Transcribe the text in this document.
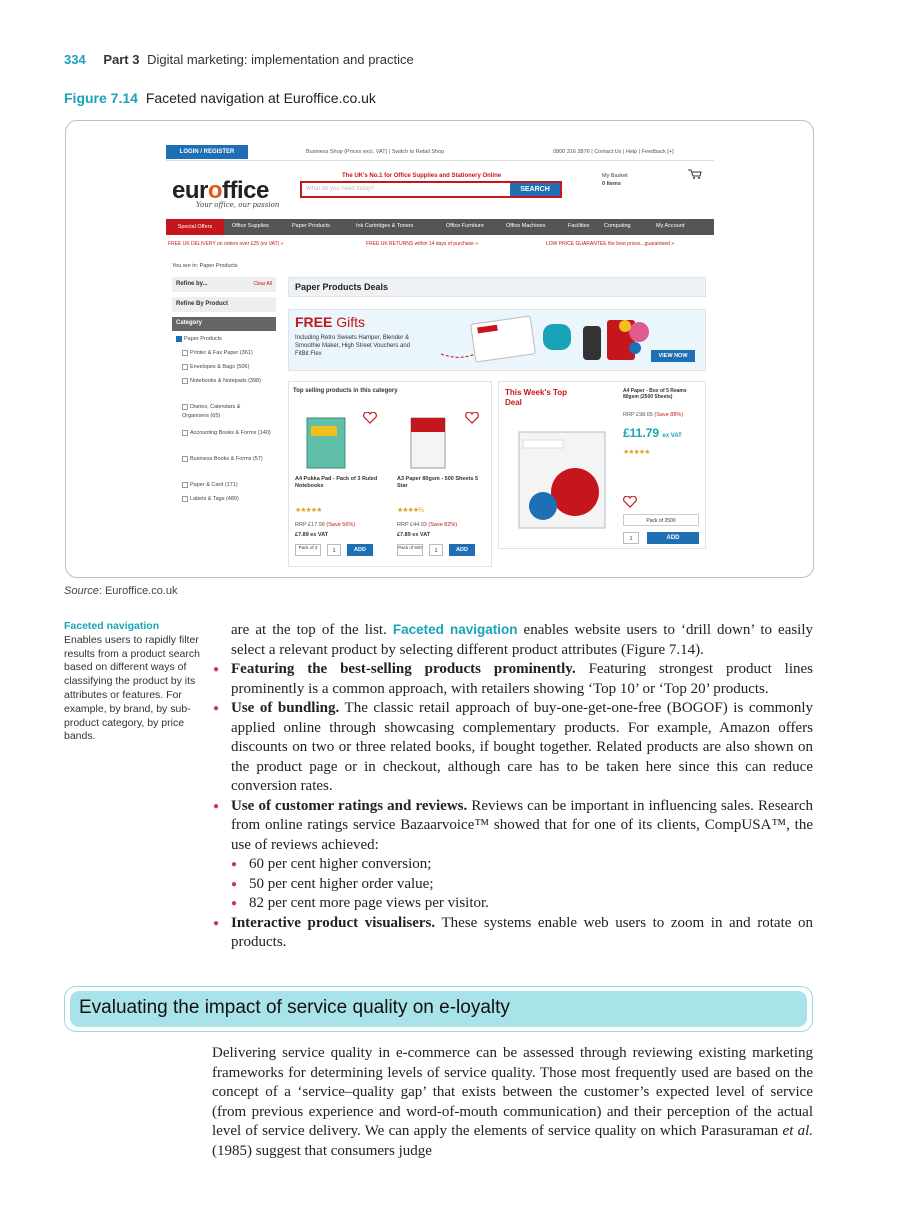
334 Part 3 Digital marketing: implementation and practice
Figure 7.14 Faceted navigation at Euroffice.co.uk
LOGIN / REGISTER	Business Shop (Prices excl. VAT) | Switch to Retail Shop	0800 316 3876 | Contact Us | Help | Feedback [+]
euroffice
Your office, our passion
The UK's No.1 for Office Supplies and Stationery Online
What do you need today?	SEARCH
My Basket
0 Items
Special Offers	Office Supplies	Paper Products	Ink Cartridges & Toners	Office Furniture	Office Machines	Facilities	Computing	My Account
FREE UK DELIVERY on orders over £25 (ex VAT) »	FREE UK RETURNS within 14 days of purchase »	LOW PRICE GUARANTEE the best prices...guaranteed »
You are in: Paper Products
Refine by...	Clear All
Refine By Product
Category
Paper Products
Printer & Fax Paper (361)
Envelopes & Bags (506)
Notebooks & Notepads (398)
Diaries, Calendars & Organisers (65)
Accounting Books & Forms (140)
Business Books & Forms (57)
Paper & Card (171)
Labels & Tags (489)
Paper Products Deals
FREE Gifts
Including Retro Sweets Hamper, Blender & Smoothie Maker, High Street Vouchers and FitBit Flex	VIEW NOW
Top selling products in this category
A4 Pukka Pad - Pack of 3 Ruled Notebooks
★★★★★
RRP £17.99 (Save 56%)
£7.89 ex VAT
Pack of 3
1	ADD
A3 Paper 80gsm - 500 Sheets 5 Star
★★★★½
RRP £44.03 (Save 82%)
£7.89 ex VAT
Pack of 500
1	ADD
This Week's Top Deal
A4 Paper - Box of 5 Reams 80gsm (2500 Sheets)
RRP £98.65 (Save 88%)
£11.79 ex VAT
★★★★★
Pack of 2500
1	ADD
Source: Euroffice.co.uk
Faceted navigation
Enables users to rapidly filter results from a product search based on different ways of classifying the product by its attributes or features. For example, by brand, by sub-product category, by price bands.

are at the top of the list. Faceted navigation enables website users to ‘drill down’ to easily select a relevant product by selecting different product attributes (Figure 7.14).

● Featuring the best-selling products prominently. Featuring strongest product lines prominently is a common approach, with retailers showing ‘Top 10’ or ‘Top 20’ products.
● Use of bundling. The classic retail approach of buy-one-get-one-free (BOGOF) is commonly applied online through showcasing complementary products. For example, Amazon offers discounts on two or three related books, if bought together. Related products are also shown on the product page or in checkout, although care has to be taken here since this can reduce conversion rates.
● Use of customer ratings and reviews. Reviews can be important in influencing sales. Research from online ratings service Bazaarvoice™ showed that for one of its clients, CompUSA™, the use of reviews achieved:
● 60 per cent higher conversion;
● 50 per cent higher order value;
● 82 per cent more page views per visitor.
● Interactive product visualisers. These systems enable web users to zoom in and rotate on products.
Evaluating the impact of service quality on e-loyalty
Delivering service quality in e-commerce can be assessed through reviewing existing marketing frameworks for determining levels of service quality. Those most frequently used are based on the concept of a ‘service–quality gap’ that exists between the customer’s expected level of service (from previous experience and word-of-mouth communication) and their perception of the actual level of service delivery. We can apply the elements of service quality on which Parasuraman et al. (1985) suggest that consumers judge
